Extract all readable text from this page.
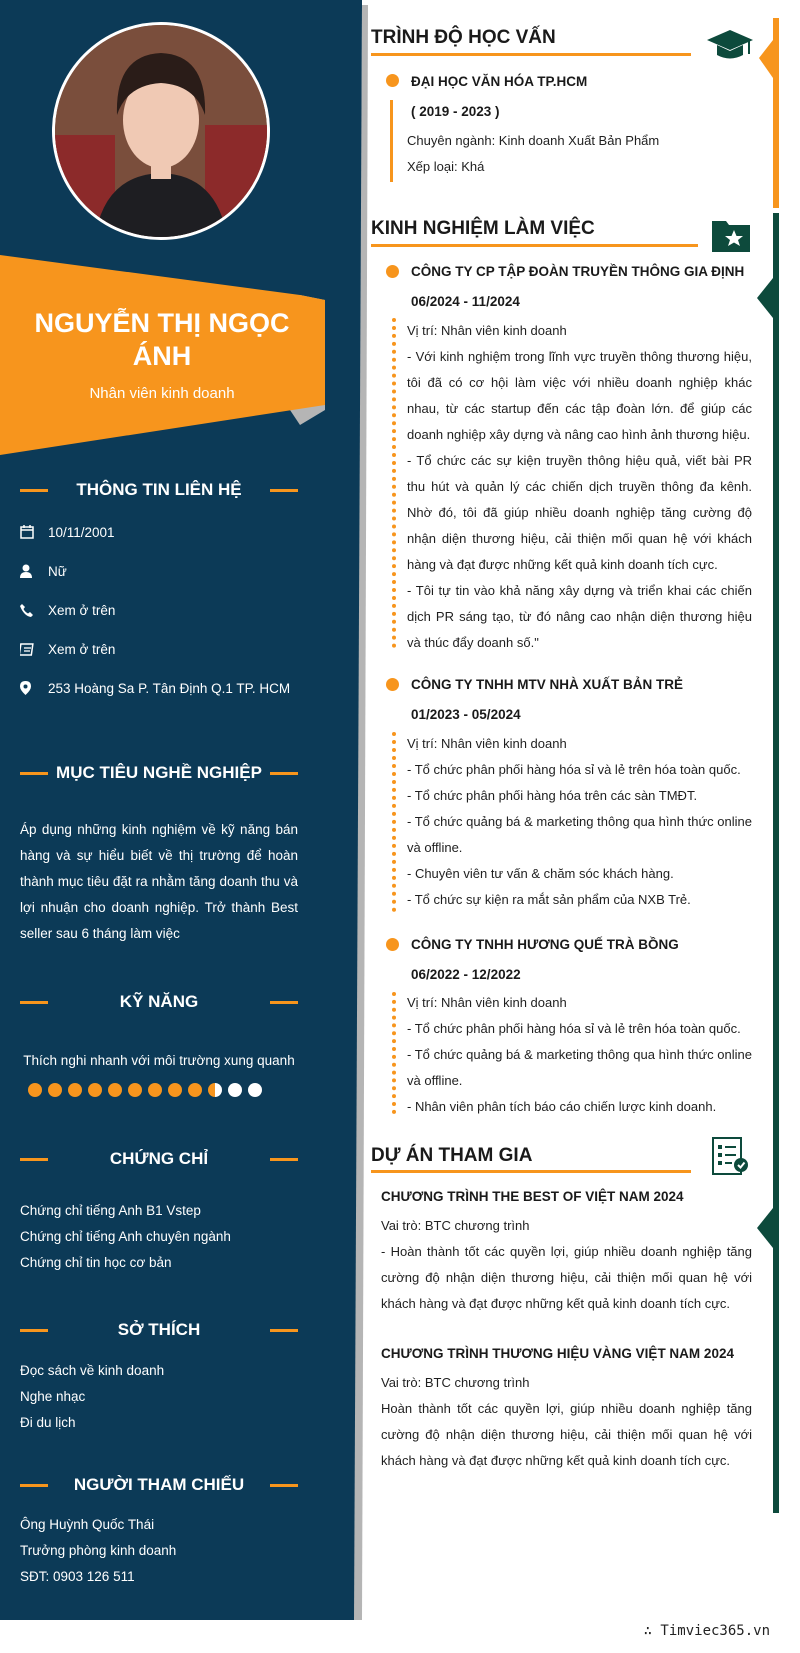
NGUYỄN THỊ NGỌC ÁNH
Nhân viên kinh doanh
THÔNG TIN LIÊN HỆ
10/11/2001
Nữ
Xem ở trên
Xem ở trên
253 Hoàng Sa P. Tân Định Q.1 TP. HCM
MỤC TIÊU NGHỀ NGHIỆP
Áp dụng những kinh nghiệm về kỹ năng bán hàng và sự hiểu biết về thị trường để hoàn thành mục tiêu đặt ra nhằm tăng doanh thu và lợi nhuận cho doanh nghiệp. Trở thành Best seller sau 6 tháng làm việc
KỸ NĂNG
Thích nghi nhanh với môi trường xung quanh
CHỨNG CHỈ
Chứng chỉ tiếng Anh B1 Vstep
Chứng chỉ tiếng Anh chuyên ngành
Chứng chỉ tin học cơ bản
SỞ THÍCH
Đọc sách về kinh doanh
Nghe nhạc
Đi du lịch
NGƯỜI THAM CHIẾU
Ông Huỳnh Quốc Thái
Trưởng phòng kinh doanh
SĐT: 0903 126 511
TRÌNH ĐỘ HỌC VẤN
ĐẠI HỌC VĂN HÓA TP.HCM
( 2019 - 2023 )

Chuyên ngành: Kinh doanh Xuất Bản Phẩm

Xếp loại: Khá

KINH NGHIỆM LÀM VIỆC
CÔNG TY CP TẬP ĐOÀN TRUYỀN THÔNG GIA ĐỊNH
06/2024 - 11/2024

Vị trí: Nhân viên kinh doanh

- Với kinh nghiệm trong lĩnh vực truyền thông thương hiệu, tôi đã có cơ hội làm việc với nhiều doanh nghiệp khác nhau, từ các startup đến các tập đoàn lớn. để giúp các doanh nghiệp xây dựng và nâng cao hình ảnh thương hiệu.

- Tổ chức các sự kiện truyền thông hiệu quả, viết bài PR thu hút và quản lý các chiến dịch truyền thông đa kênh. Nhờ đó, tôi đã giúp nhiều doanh nghiệp tăng cường độ nhận diện thương hiệu, cải thiện mối quan hệ với khách hàng và đạt được những kết quả kinh doanh tích cực.

- Tôi tự tin vào khả năng xây dựng và triển khai các chiến dịch PR sáng tạo, từ đó nâng cao nhận diện thương hiệu và thúc đẩy doanh số."

CÔNG TY TNHH MTV NHÀ XUẤT BẢN TRẺ
01/2023 - 05/2024

Vị trí: Nhân viên kinh doanh

- Tổ chức phân phối hàng hóa sỉ và lẻ trên hóa toàn quốc.

- Tổ chức phân phối hàng hóa trên các sàn TMĐT.

- Tổ chức quảng bá & marketing thông qua hình thức online và offline.

- Chuyên viên tư vấn & chăm sóc khách hàng.

- Tổ chức sự kiện ra mắt sản phẩm của NXB Trẻ.

CÔNG TY TNHH HƯƠNG QUẾ TRÀ BỒNG
06/2022 - 12/2022

Vị trí: Nhân viên kinh doanh

- Tổ chức phân phối hàng hóa sỉ và lẻ trên hóa toàn quốc.

- Tổ chức quảng bá & marketing thông qua hình thức online và offline.

- Nhân viên phân tích báo cáo chiến lược kinh doanh.

DỰ ÁN THAM GIA
CHƯƠNG TRÌNH THE BEST OF VIỆT NAM 2024

Vai trò: BTC chương trình

- Hoàn thành tốt các quyền lợi, giúp nhiều doanh nghiệp tăng cường độ nhận diện thương hiệu, cải thiện mối quan hệ với khách hàng và đạt được những kết quả kinh doanh tích cực.

CHƯƠNG TRÌNH THƯƠNG HIỆU VÀNG VIỆT NAM 2024

Vai trò: BTC chương trình

Hoàn thành tốt các quyền lợi, giúp nhiều doanh nghiệp tăng cường độ nhận diện thương hiệu, cải thiện mối quan hệ với khách hàng và đạt được những kết quả kinh doanh tích cực.

∴ Timviec365.vn
